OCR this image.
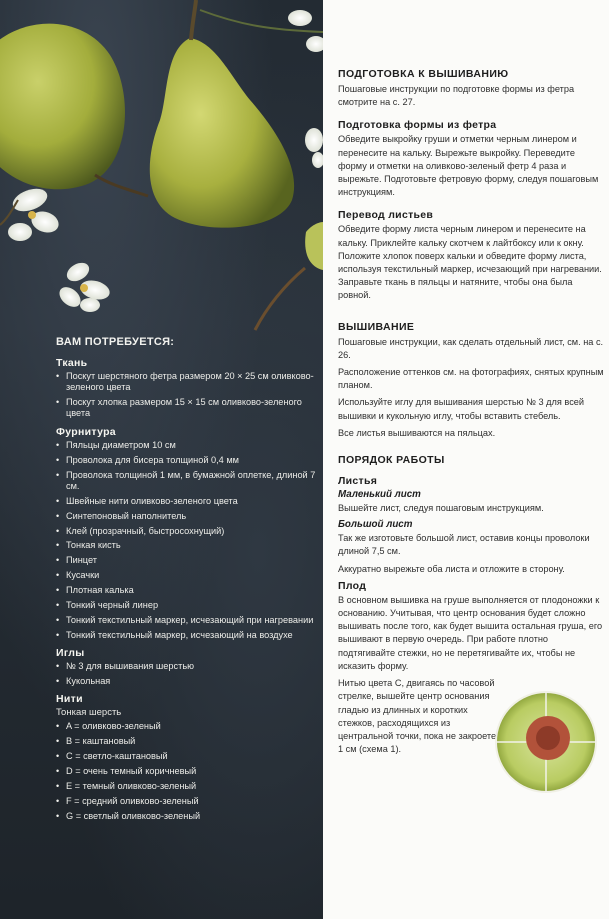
ВАМ ПОТРЕБУЕТСЯ:
Ткань
• Поскут шерстяного фетра размером 20 × 25 см оливково-зеленого цвета
• Поскут хлопка размером 15 × 15 см оливково-зеленого цвета
Фурнитура
• Пяльцы диаметром 10 см
• Проволока для бисера толщиной 0,4 мм
• Проволока толщиной 1 мм, в бумажной оплетке, длиной 7 см.
• Швейные нити оливково-зеленого цвета
• Синтепоновый наполнитель
• Клей (прозрачный, быстросохнущий)
• Тонкая кисть
• Пинцет
• Кусачки
• Плотная калька
• Тонкий черный линер
• Тонкий текстильный маркер, исчезающий при нагревании
• Тонкий текстильный маркер, исчезающий на воздухе
Иглы
• № 3 для вышивания шерстью
• Кукольная
Нити
Тонкая шерсть
• A = оливково-зеленый
• B = каштановый
• C = светло-каштановый
• D = очень темный коричневый
• E = темный оливково-зеленый
• F = средний оливково-зеленый
• G = светлый оливково-зеленый
ПОДГОТОВКА К ВЫШИВАНИЮ
Пошаговые инструкции по подготовке формы из фетра смотрите на с. 27.
Подготовка формы из фетра
Обведите выкройку груши и отметки черным линером и перенесите на кальку. Вырежьте выкройку. Переведите форму и отметки на оливково-зеленый фетр 4 раза и вырежьте. Подготовьте фетровую форму, следуя пошаговым инструкциям.
Перевод листьев
Обведите форму листа черным линером и перенесите на кальку. Приклейте кальку скотчем к лайтбоксу или к окну. Положите хлопок поверх кальки и обведите форму листа, используя текстильный маркер, исчезающий при нагревании. Заправьте ткань в пяльцы и натяните, чтобы она была ровной.
ВЫШИВАНИЕ
Пошаговые инструкции, как сделать отдельный лист, см. на с. 26.
Расположение оттенков см. на фотографиях, снятых крупным планом.
Используйте иглу для вышивания шерстью № 3 для всей вышивки и кукольную иглу, чтобы вставить стебель.
Все листья вышиваются на пяльцах.
ПОРЯДОК РАБОТЫ
Листья
Маленький лист
Вышейте лист, следуя пошаговым инструкциям.
Большой лист
Так же изготовьте большой лист, оставив концы проволоки длиной 7,5 см.
Аккуратно вырежьте оба листа и отложите в сторону.
Плод
В основном вышивка на груше выполняется от плодоножки к основанию. Учитывая, что центр основания будет сложно вышивать после того, как будет вышита остальная груша, его вышивают в первую очередь. При работе плотно подтягивайте стежки, но не перетягивайте их, чтобы не исказить форму.
Нитью цвета C, двигаясь по часовой стрелке, вышейте центр основания гладью из длинных и коротких стежков, расходящихся из центральной точки, пока не закроете 1 см (схема 1).
